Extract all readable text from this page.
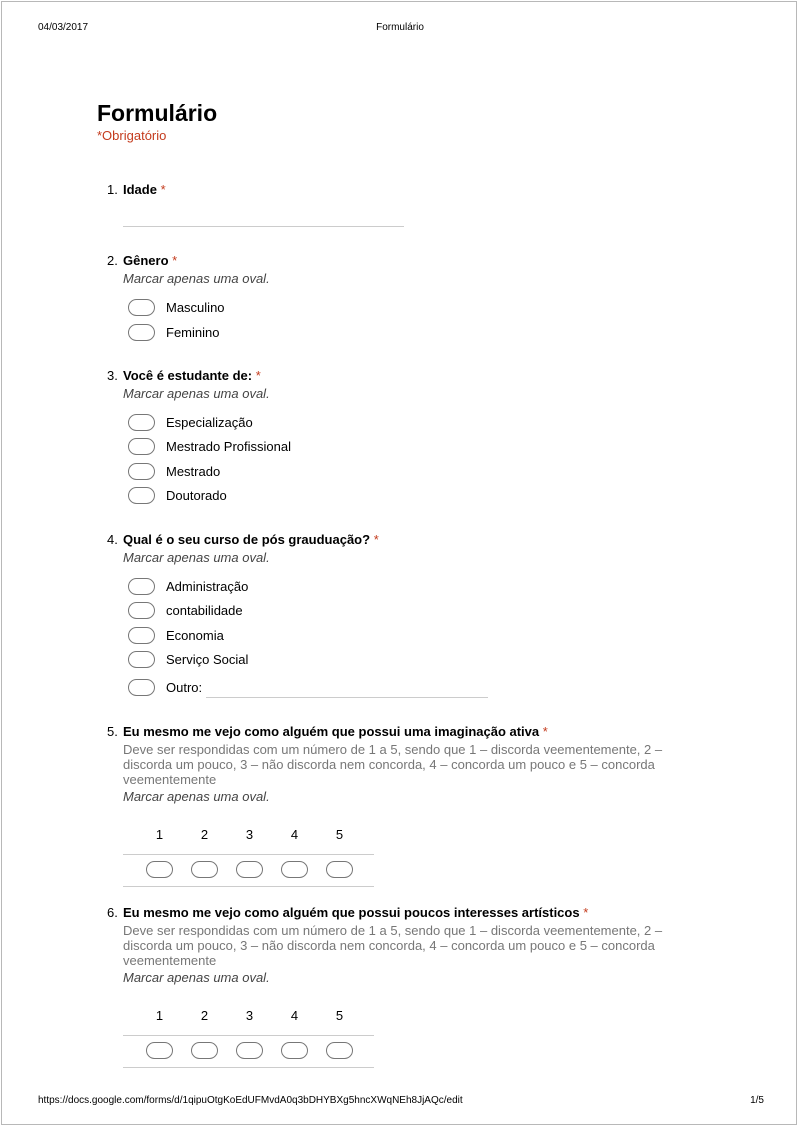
04/03/2017	Formulário
Formulário
*Obrigatório
1. Idade *
2. Gênero *
Marcar apenas uma oval.
Masculino
Feminino
3. Você é estudante de: *
Marcar apenas uma oval.
Especialização
Mestrado Profissional
Mestrado
Doutorado
4. Qual é o seu curso de pós grauduação? *
Marcar apenas uma oval.
Administração
contabilidade
Economia
Serviço Social
Outro:
5. Eu mesmo me vejo como alguém que possui uma imaginação ativa *
Deve ser respondidas com um número de 1 a 5, sendo que 1 – discorda veementemente, 2 – discorda um pouco, 3 – não discorda nem concorda, 4 – concorda um pouco e 5 – concorda veementemente
Marcar apenas uma oval.
1	2	3	4	5
6. Eu mesmo me vejo como alguém que possui poucos interesses artísticos *
Deve ser respondidas com um número de 1 a 5, sendo que 1 – discorda veementemente, 2 – discorda um pouco, 3 – não discorda nem concorda, 4 – concorda um pouco e 5 – concorda veementemente
Marcar apenas uma oval.
1	2	3	4	5
https://docs.google.com/forms/d/1qipuOtgKoEdUFMvdA0q3bDHYBXg5hncXWqNEh8JjAQc/edit	1/5
